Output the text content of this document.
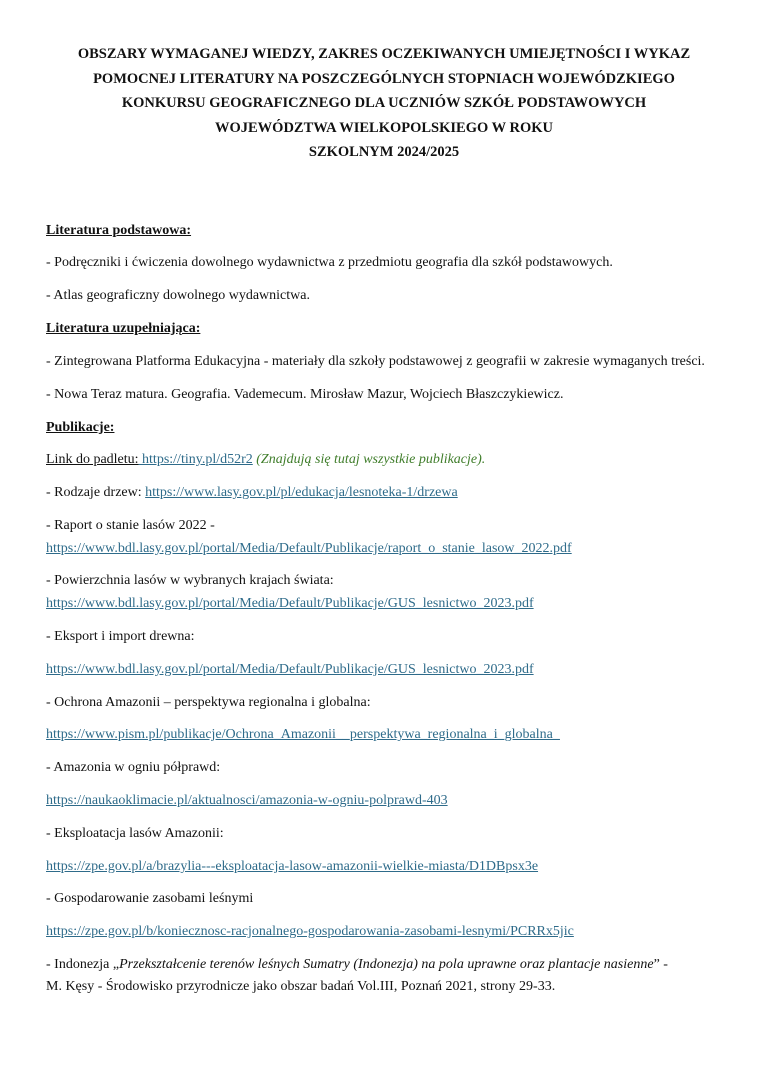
OBSZARY WYMAGANEJ WIEDZY, ZAKRES OCZEKIWANYCH UMIEJĘTNOŚCI I WYKAZ
POMOCNEJ LITERATURY NA POSZCZEGÓLNYCH STOPNIACH WOJEWÓDZKIEGO
KONKURSU GEOGRAFICZNEGO DLA UCZNIÓW SZKÓŁ PODSTAWOWYCH
WOJEWÓDZTWA WIELKOPOLSKIEGO W ROKU
SZKOLNYM 2024/2025
Literatura podstawowa:
- Podręczniki i ćwiczenia dowolnego wydawnictwa z przedmiotu geografia dla szkół podstawowych.
- Atlas geograficzny dowolnego wydawnictwa.
Literatura uzupełniająca:
- Zintegrowana Platforma Edukacyjna - materiały dla szkoły podstawowej z geografii w zakresie wymaganych treści.
- Nowa Teraz matura. Geografia. Vademecum. Mirosław Mazur, Wojciech Błaszczykiewicz.
Publikacje:
Link do padletu: https://tiny.pl/d52r2 (Znajdują się tutaj wszystkie publikacje).
- Rodzaje drzew: https://www.lasy.gov.pl/pl/edukacja/lesnoteka-1/drzewa
- Raport o stanie lasów 2022 -
https://www.bdl.lasy.gov.pl/portal/Media/Default/Publikacje/raport_o_stanie_lasow_2022.pdf
- Powierzchnia lasów w wybranych krajach świata:
https://www.bdl.lasy.gov.pl/portal/Media/Default/Publikacje/GUS_lesnictwo_2023.pdf
- Eksport i import drewna:
https://www.bdl.lasy.gov.pl/portal/Media/Default/Publikacje/GUS_lesnictwo_2023.pdf
- Ochrona Amazonii – perspektywa regionalna i globalna:
https://www.pism.pl/publikacje/Ochrona_Amazonii__perspektywa_regionalna_i_globalna_
- Amazonia w ogniu półprawd:
https://naukaoklimacie.pl/aktualnosci/amazonia-w-ogniu-polprawd-403
- Eksploatacja lasów Amazonii:
https://zpe.gov.pl/a/brazylia---eksploatacja-lasow-amazonii-wielkie-miasta/D1DBpsx3e
- Gospodarowanie zasobami leśnymi
https://zpe.gov.pl/b/koniecznosc-racjonalnego-gospodarowania-zasobami-lesnymi/PCRRx5jic
- Indonezja „Przekształcenie terenów leśnych Sumatry (Indonezja) na pola uprawne oraz plantacje nasienne” -
M. Kęsy - Środowisko przyrodnicze jako obszar badań Vol.III, Poznań 2021, strony 29-33.
